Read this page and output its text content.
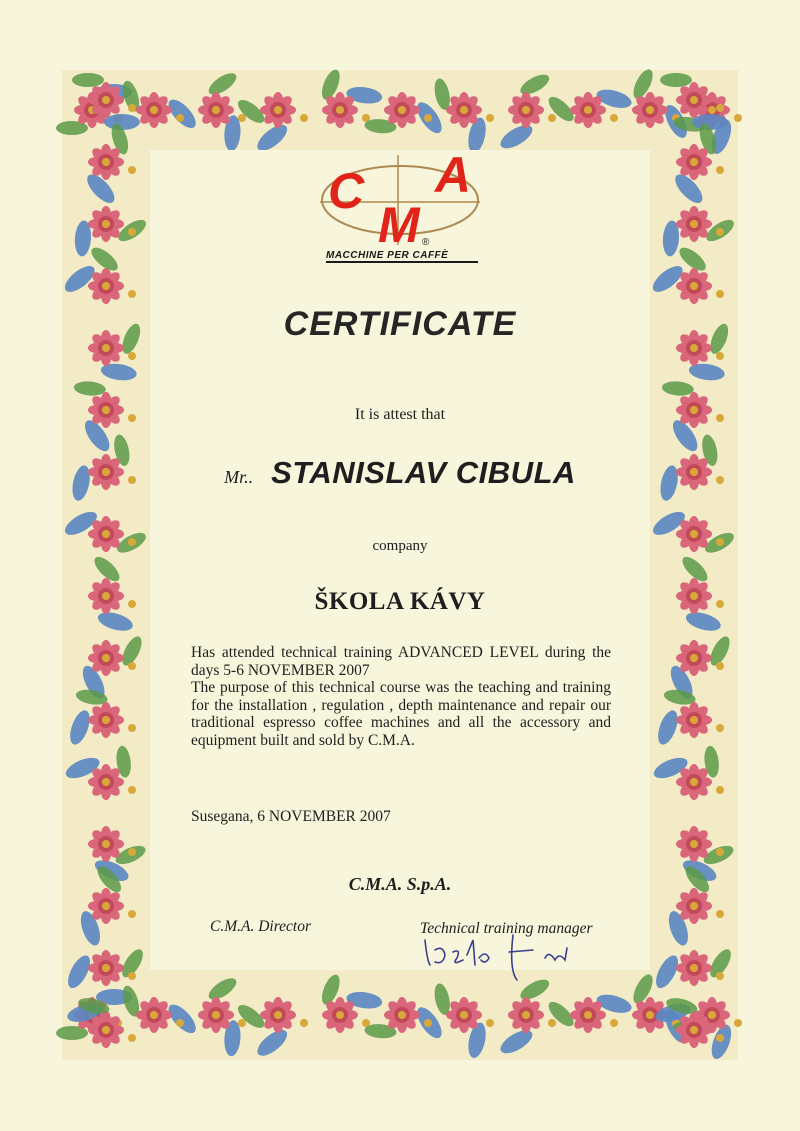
C A
M ®
MACCHINE PER CAFFÈ
CERTIFICATE
It is attest that
Mr.. STANISLAV CIBULA
company
ŠKOLA KÁVY

Has attended technical training ADVANCED LEVEL during the days 5-6 NOVEMBER 2007

The purpose of this technical course was the teaching and training for the installation , regulation , depth maintenance and repair our traditional espresso coffee machines and all the accessory and equipment built and sold by C.M.A.

Susegana, 6 NOVEMBER 2007
C.M.A. S.p.A.
C.M.A. Director	Technical training manager
